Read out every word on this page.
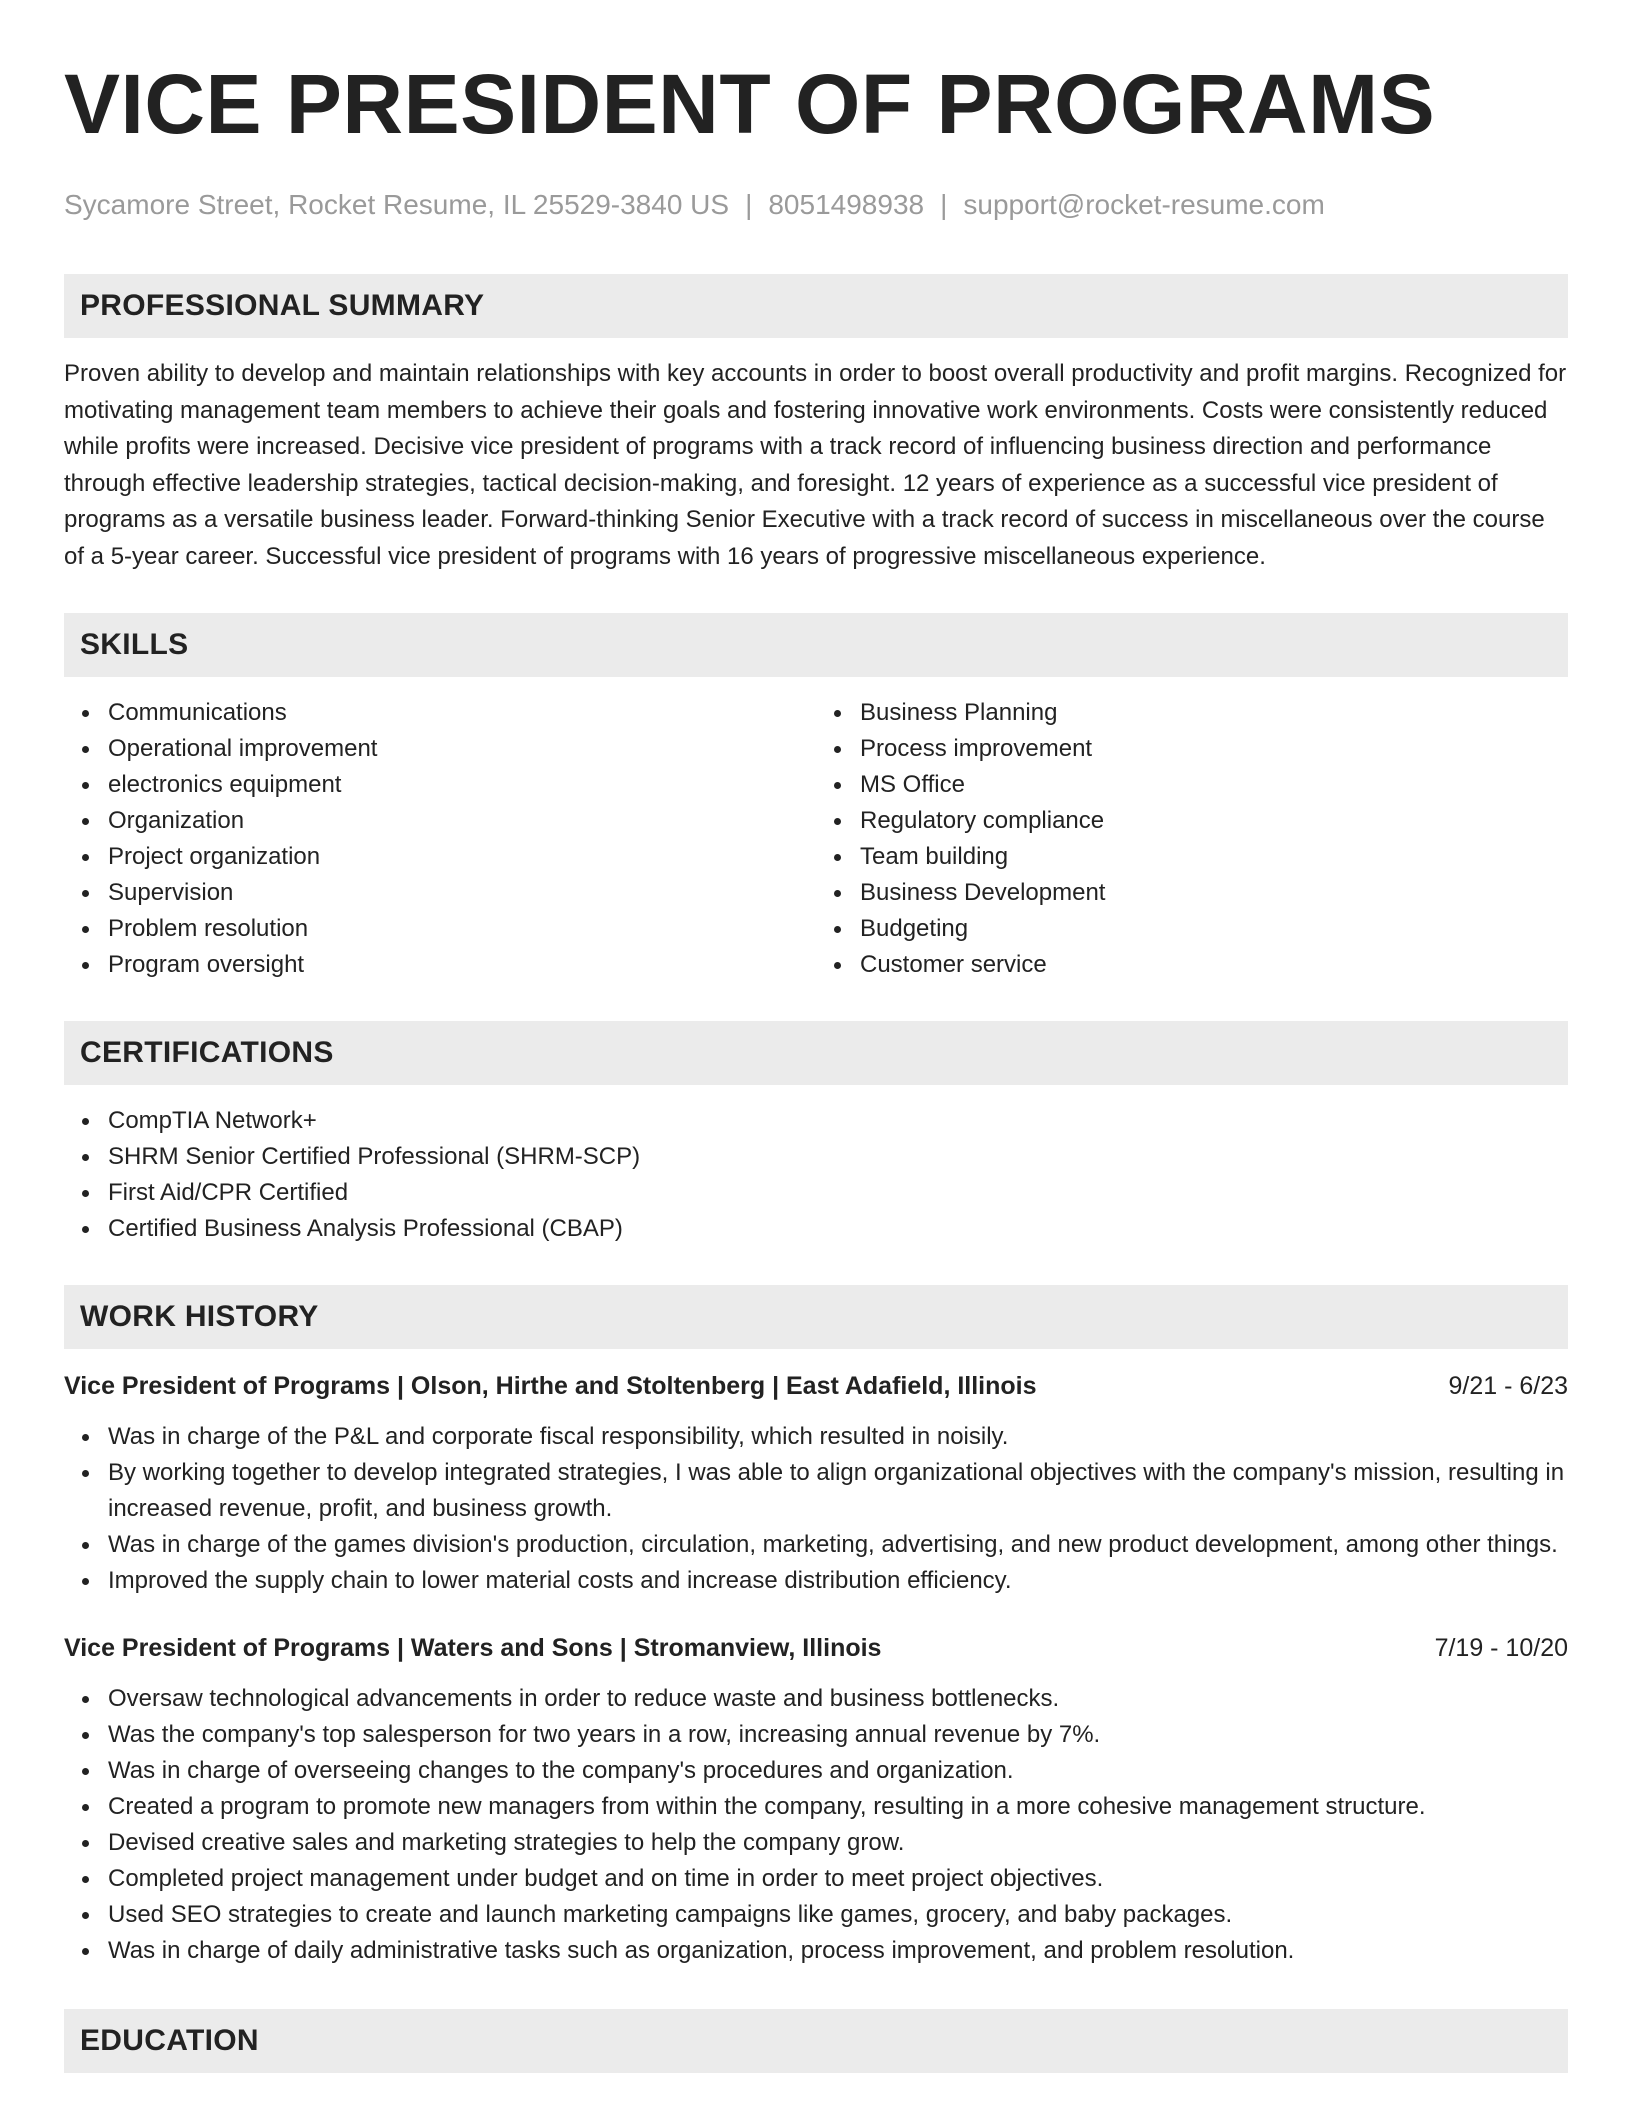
VICE PRESIDENT OF PROGRAMS
Sycamore Street, Rocket Resume, IL 25529-3840 US | 8051498938 | support@rocket-resume.com
PROFESSIONAL SUMMARY
Proven ability to develop and maintain relationships with key accounts in order to boost overall productivity and profit margins. Recognized for motivating management team members to achieve their goals and fostering innovative work environments. Costs were consistently reduced while profits were increased. Decisive vice president of programs with a track record of influencing business direction and performance through effective leadership strategies, tactical decision-making, and foresight. 12 years of experience as a successful vice president of programs as a versatile business leader. Forward-thinking Senior Executive with a track record of success in miscellaneous over the course of a 5-year career. Successful vice president of programs with 16 years of progressive miscellaneous experience.
SKILLS
Communications
Operational improvement
electronics equipment
Organization
Project organization
Supervision
Problem resolution
Program oversight
Business Planning
Process improvement
MS Office
Regulatory compliance
Team building
Business Development
Budgeting
Customer service
CERTIFICATIONS
CompTIA Network+
SHRM Senior Certified Professional (SHRM-SCP)
First Aid/CPR Certified
Certified Business Analysis Professional (CBAP)
WORK HISTORY
Vice President of Programs | Olson, Hirthe and Stoltenberg | East Adafield, Illinois	9/21 - 6/23
Was in charge of the P&L and corporate fiscal responsibility, which resulted in noisily.
By working together to develop integrated strategies, I was able to align organizational objectives with the company's mission, resulting in increased revenue, profit, and business growth.
Was in charge of the games division's production, circulation, marketing, advertising, and new product development, among other things.
Improved the supply chain to lower material costs and increase distribution efficiency.
Vice President of Programs | Waters and Sons | Stromanview, Illinois	7/19 - 10/20
Oversaw technological advancements in order to reduce waste and business bottlenecks.
Was the company's top salesperson for two years in a row, increasing annual revenue by 7%.
Was in charge of overseeing changes to the company's procedures and organization.
Created a program to promote new managers from within the company, resulting in a more cohesive management structure.
Devised creative sales and marketing strategies to help the company grow.
Completed project management under budget and on time in order to meet project objectives.
Used SEO strategies to create and launch marketing campaigns like games, grocery, and baby packages.
Was in charge of daily administrative tasks such as organization, process improvement, and problem resolution.
EDUCATION
